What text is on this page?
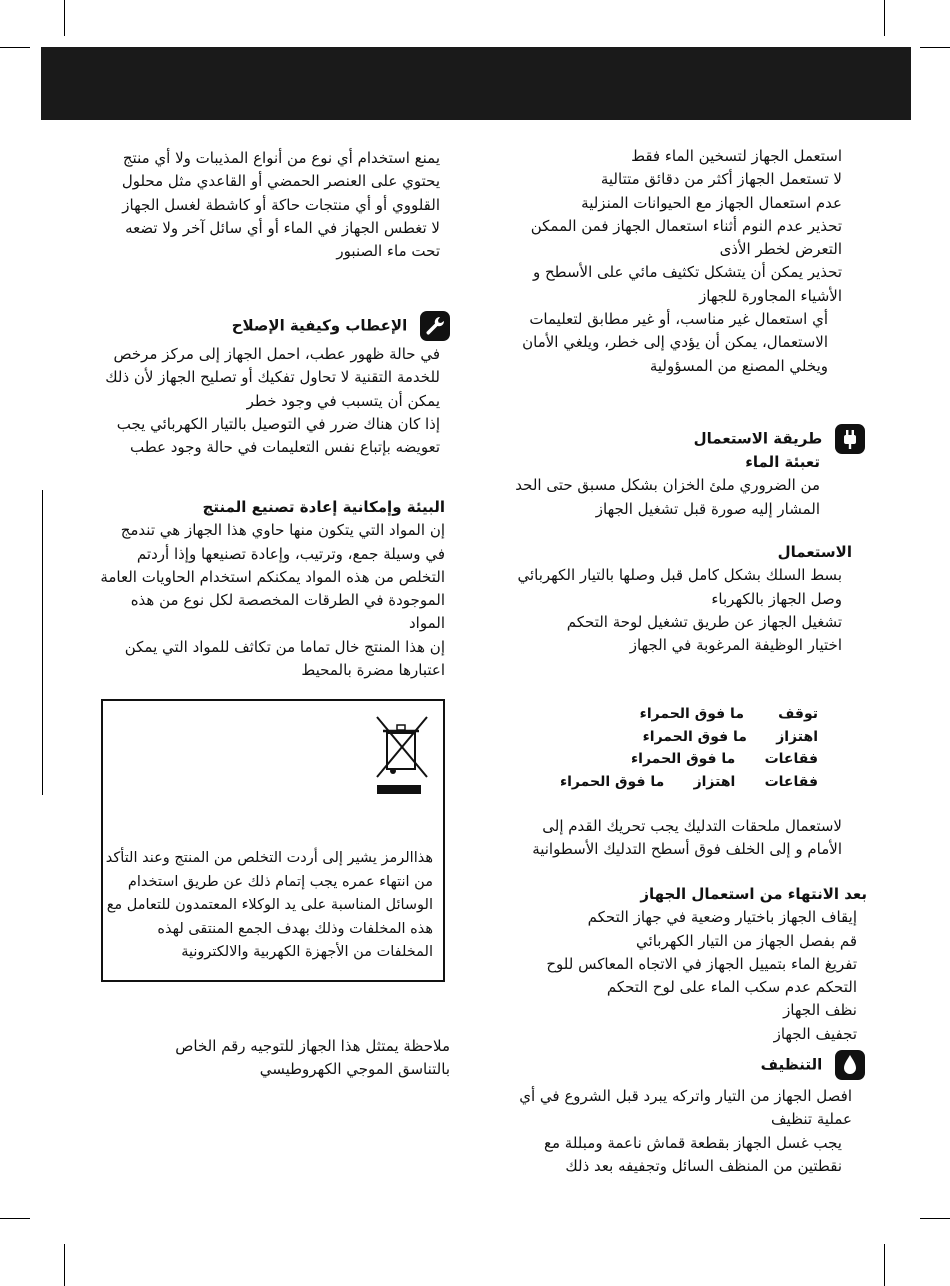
استعمل الجهاز لتسخين الماء فقط

لا تستعمل الجهاز أكثر من دقائق متتالية

عدم استعمال الجهاز مع الحيوانات المنزلية

تحذير عدم النوم أثناء استعمال الجهاز فمن الممكن التعرض لخطر الأذى

تحذير يمكن أن يتشكل تكثيف مائي على الأسطح و الأشياء المجاورة للجهاز

أي استعمال غير مناسب، أو غير مطابق لتعليمات الاستعمال، يمكن أن يؤدي إلى خطر، ويلغي الأمان ويخلي المصنع من المسؤولية

طريقة الاستعمال
تعبئة الماء

من الضروري ملئ الخزان بشكل مسبق حتى الحد المشار إليه صورة قبل تشغيل الجهاز

الاستعمال

بسط السلك بشكل كامل قبل وصلها بالتيار الكهربائي

وصل الجهاز بالكهرباء

تشغيل الجهاز عن طريق تشغيل لوحة التحكم

اختيار الوظيفة المرغوبة في الجهاز

توقف       ما فوق الحمراء
اهتزاز      ما فوق الحمراء
فقاعات      ما فوق الحمراء
فقاعات      اهتزاز      ما فوق الحمراء

لاستعمال ملحقات التدليك يجب تحريك القدم إلى الأمام و إلى الخلف فوق أسطح التدليك الأسطوانية

بعد الانتهاء من استعمال الجهاز

إيقاف الجهاز باختيار وضعية في جهاز التحكم

قم بفصل الجهاز من التيار الكهربائي

تفريغ الماء بتمييل الجهاز في الاتجاه المعاكس للوح التحكم عدم سكب الماء على لوح التحكم

نظف الجهاز

تجفيف الجهاز

التنظيف

افصل الجهاز من التيار واتركه يبرد قبل الشروع في أي عملية تنظيف

يجب غسل الجهاز بقطعة قماش ناعمة ومبللة مع نقطتين من المنظف السائل وتجفيفه بعد ذلك

يمنع استخدام أي نوع من أنواع المذيبات ولا أي منتج يحتوي على العنصر الحمضي أو القاعدي مثل محلول القلووي أو أي منتجات حاكة أو كاشطة لغسل الجهاز

لا تغطس الجهاز في الماء أو أي سائل آخر ولا تضعه تحت ماء الصنبور

الإعطاب وكيفية الإصلاح

في حالة ظهور عطب، احمل الجهاز إلى مركز مرخص للخدمة التقنية لا تحاول تفكيك أو تصليح الجهاز لأن ذلك يمكن أن يتسبب في وجود خطر

إذا كان هناك ضرر في التوصيل بالتيار الكهربائي يجب تعويضه بإتباع نفس التعليمات في حالة وجود عطب

البيئة وإمكانية إعادة تصنيع المنتج

إن المواد التي يتكون منها حاوي هذا الجهاز هي تندمج في وسيلة جمع، وترتيب، وإعادة تصنيعها وإذا أردتم التخلص من هذه المواد يمكنكم استخدام الحاويات العامة الموجودة في الطرقات المخصصة لكل نوع من هذه المواد

إن هذا المنتج خال تماما من تكاثف للمواد التي يمكن اعتبارها مضرة بالمحيط

هذاالرمز يشير إلى أردت التخلص من المنتج وعند التأكد من انتهاء عمره يجب إتمام ذلك عن طريق استخدام الوسائل المناسبة على يد الوكلاء المعتمدون للتعامل مع هذه المخلفات وذلك بهدف الجمع المنتقى لهذه المخلفات من الأجهزة الكهربية والالكترونية

ملاحظة يمتثل هذا الجهاز للتوجيه رقم الخاص بالتناسق الموجي الكهروطيسي
